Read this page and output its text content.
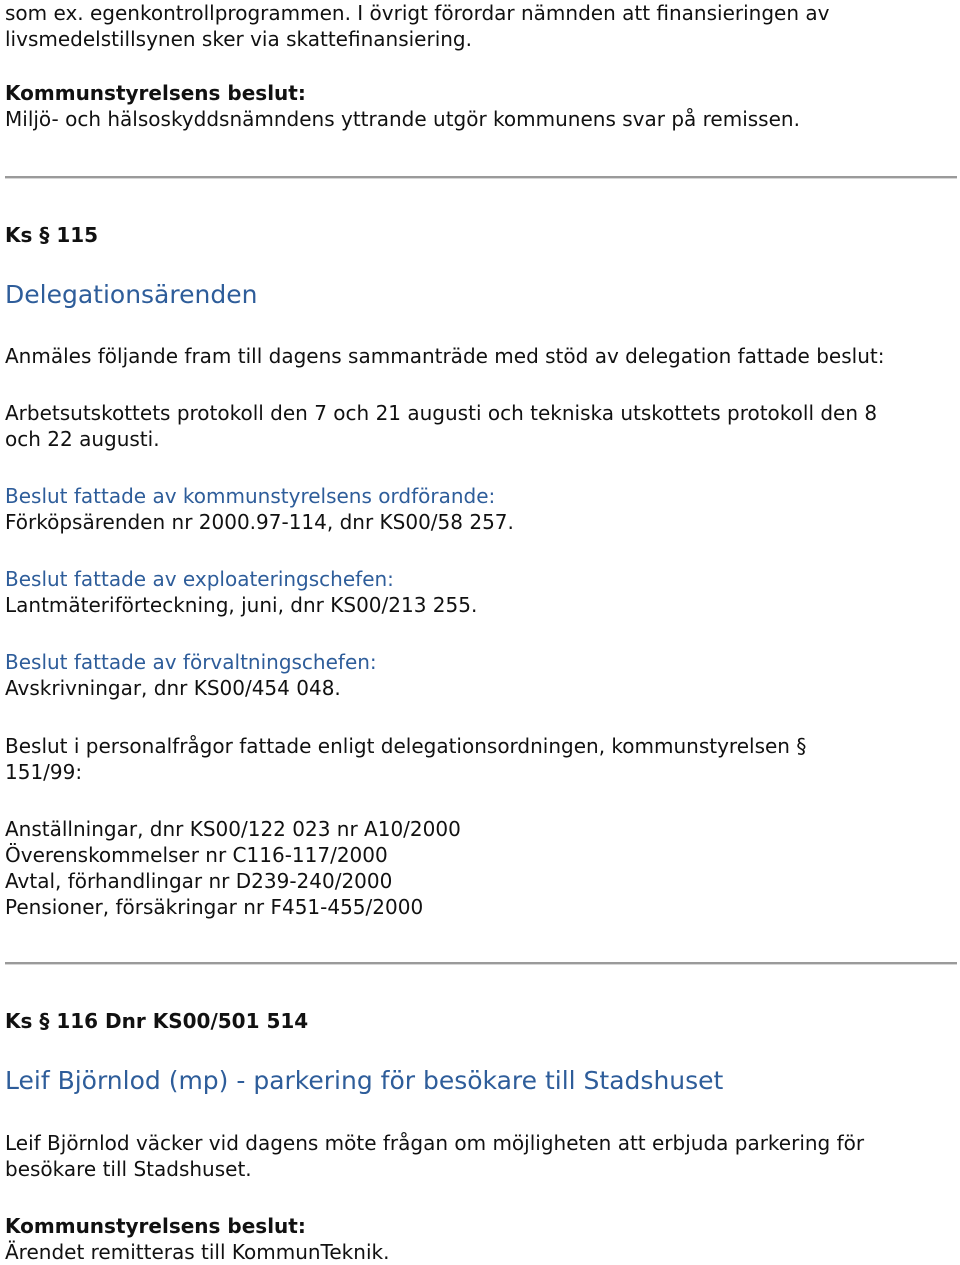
som ex. egenkontrollprogrammen. I övrigt förordar nämnden att finansieringen av
livsmedelstillsynen sker via skattefinansiering.
Kommunstyrelsens beslut:
Miljö- och hälsoskyddsnämndens yttrande utgör kommunens svar på remissen.
Ks § 115
Delegationsärenden
Anmäles följande fram till dagens sammanträde med stöd av delegation fattade beslut:
Arbetsutskottets protokoll den 7 och 21 augusti och tekniska utskottets protokoll den 8
och 22 augusti.
Beslut fattade av kommunstyrelsens ordförande:
Förköpsärenden nr 2000.97-114, dnr KS00/58 257.
Beslut fattade av exploateringschefen:
Lantmäteriförteckning, juni, dnr KS00/213 255.
Beslut fattade av förvaltningschefen:
Avskrivningar, dnr KS00/454 048.
Beslut i personalfrågor fattade enligt delegationsordningen, kommunstyrelsen §
151/99:
Anställningar, dnr KS00/122 023 nr A10/2000
Överenskommelser nr C116-117/2000
Avtal, förhandlingar nr D239-240/2000
Pensioner, försäkringar nr F451-455/2000
Ks § 116 Dnr KS00/501 514
Leif Björnlod (mp) - parkering för besökare till Stadshuset
Leif Björnlod väcker vid dagens möte frågan om möjligheten att erbjuda parkering för
besökare till Stadshuset.
Kommunstyrelsens beslut:
Ärendet remitteras till KommunTeknik.
